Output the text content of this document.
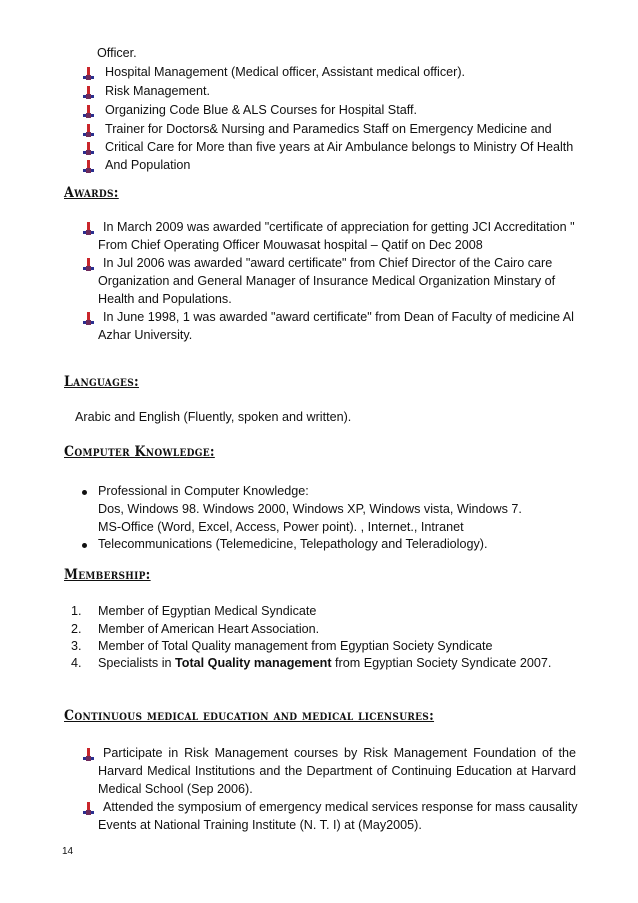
Officer.
Hospital Management (Medical officer, Assistant medical officer).
Risk Management.
Organizing Code Blue & ALS Courses for Hospital Staff.
Trainer for Doctors& Nursing and Paramedics Staff on Emergency Medicine and
Critical Care for More than five years at Air Ambulance belongs to Ministry Of Health
And Population
Awards:
In March 2009 was awarded "certificate of appreciation for getting JCI Accreditation "
From Chief Operating Officer Mouwasat hospital – Qatif on Dec 2008
In Jul 2006 was awarded "award certificate" from Chief Director of the Cairo care
Organization and General Manager of Insurance Medical Organization Minstary of
Health and Populations.
In June 1998, 1 was awarded "award certificate" from Dean of Faculty of medicine Al
Azhar University.
Languages:
Arabic and English (Fluently, spoken and written).
Computer Knowledge:
Professional in Computer Knowledge:
Dos, Windows 98. Windows 2000, Windows XP, Windows vista, Windows 7.
MS-Office (Word, Excel, Access, Power point). , Internet., Intranet
Telecommunications (Telemedicine, Telepathology and Teleradiology).
Membership:
1. Member of Egyptian Medical Syndicate
2. Member of American Heart Association.
3. Member of Total Quality management from Egyptian Society Syndicate
4. Specialists in Total Quality management from Egyptian Society Syndicate 2007.
Continuous medical education and medical licensures:
Participate in Risk Management courses by Risk Management Foundation of the
Harvard Medical Institutions and the Department of Continuing Education at Harvard
Medical School (Sep 2006).
Attended the symposium of emergency medical services response for mass causality
Events at National Training Institute (N. T. I) at (May2005).
14
